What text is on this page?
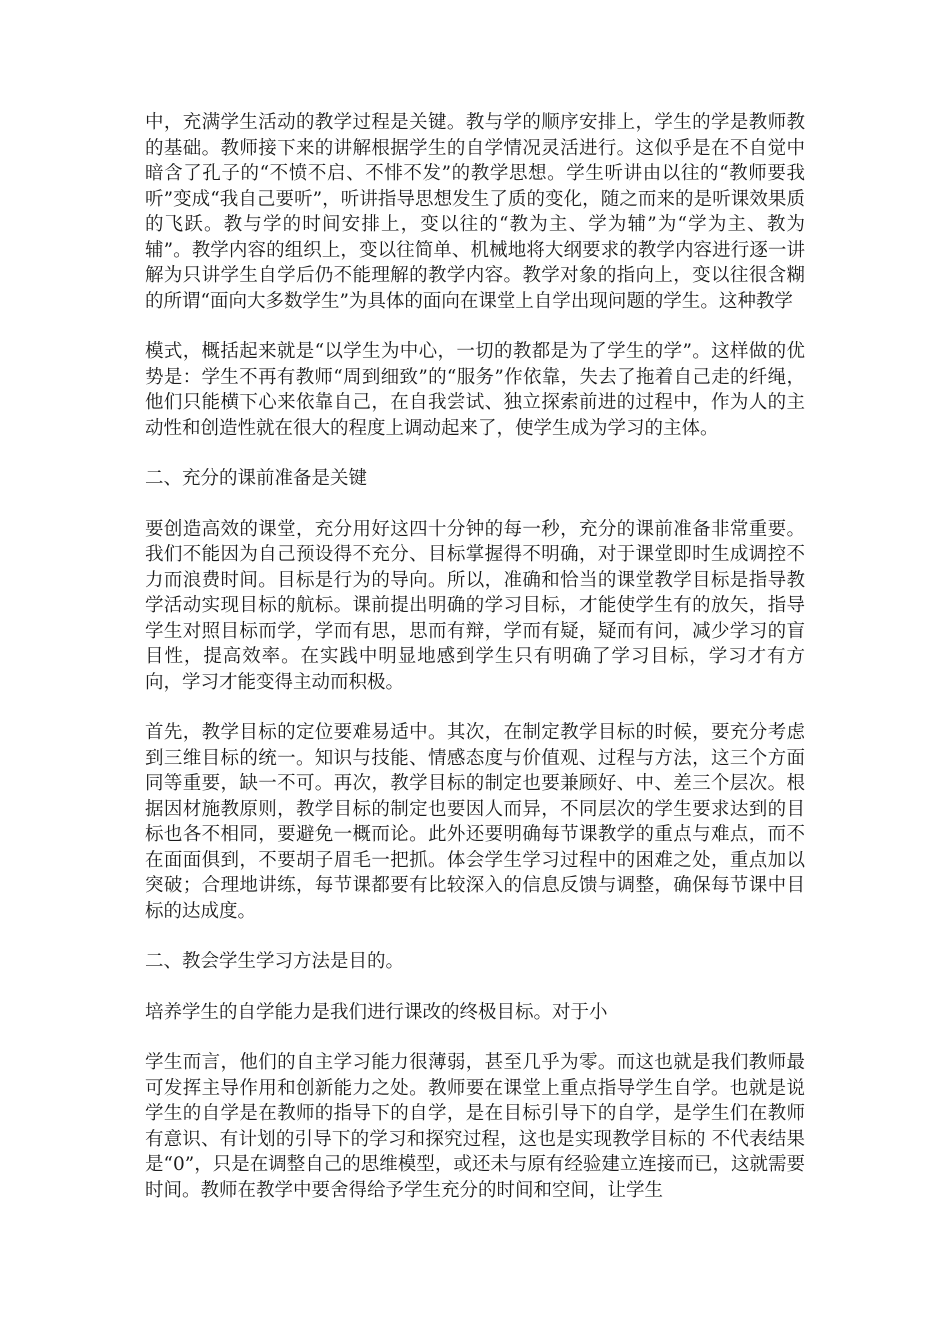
中，充满学生活动的教学过程是关键。教与学的顺序安排上，学生的学是教师教的基础。教师接下来的讲解根据学生的自学情况灵活进行。这似乎是在不自觉中暗含了孔子的“不愤不启、不悱不发”的教学思想。学生听讲由以往的“教师要我听”变成“我自己要听”，听讲指导思想发生了质的变化，随之而来的是听课效果质的飞跃。教与学的时间安排上，变以往的“教为主、学为辅”为“学为主、教为辅”。教学内容的组织上，变以往简单、机械地将大纲要求的教学内容进行逐一讲解为只讲学生自学后仍不能理解的教学内容。教学对象的指向上，变以往很含糊的所谓“面向大多数学生”为具体的面向在课堂上自学出现问题的学生。这种教学

模式，概括起来就是“以学生为中心，一切的教都是为了学生的学”。这样做的优势是：学生不再有教师“周到细致”的“服务”作依靠，失去了拖着自己走的纤绳，他们只能横下心来依靠自己，在自我尝试、独立探索前进的过程中，作为人的主动性和创造性就在很大的程度上调动起来了，使学生成为学习的主体。

二、充分的课前准备是关键

要创造高效的课堂，充分用好这四十分钟的每一秒，充分的课前准备非常重要。我们不能因为自己预设得不充分、目标掌握得不明确，对于课堂即时生成调控不力而浪费时间。目标是行为的导向。所以，准确和恰当的课堂教学目标是指导教学活动实现目标的航标。课前提出明确的学习目标，才能使学生有的放矢，指导学生对照目标而学，学而有思，思而有辩，学而有疑，疑而有问，减少学习的盲目性，提高效率。在实践中明显地感到学生只有明确了学习目标，学习才有方向，学习才能变得主动而积极。

首先，教学目标的定位要难易适中。其次，在制定教学目标的时候，要充分考虑到三维目标的统一。知识与技能、情感态度与价值观、过程与方法，这三个方面同等重要，缺一不可。再次，教学目标的制定也要兼顾好、中、差三个层次。根据因材施教原则，教学目标的制定也要因人而异，不同层次的学生要求达到的目标也各不相同，要避免一概而论。此外还要明确每节课教学的重点与难点，而不在面面俱到，不要胡子眉毛一把抓。体会学生学习过程中的困难之处，重点加以突破；合理地讲练，每节课都要有比较深入的信息反馈与调整，确保每节课中目标的达成度。

二、教会学生学习方法是目的。

培养学生的自学能力是我们进行课改的终极目标。对于小

学生而言，他们的自主学习能力很薄弱，甚至几乎为零。而这也就是我们教师最可发挥主导作用和创新能力之处。教师要在课堂上重点指导学生自学。也就是说学生的自学是在教师的指导下的自学，是在目标引导下的自学，是学生们在教师有意识、有计划的引导下的学习和探究过程，这也是实现教学目标的 不代表结果是“0”，只是在调整自己的思维模型，或还未与原有经验建立连接而已，这就需要时间。教师在教学中要舍得给予学生充分的时间和空间，让学生
